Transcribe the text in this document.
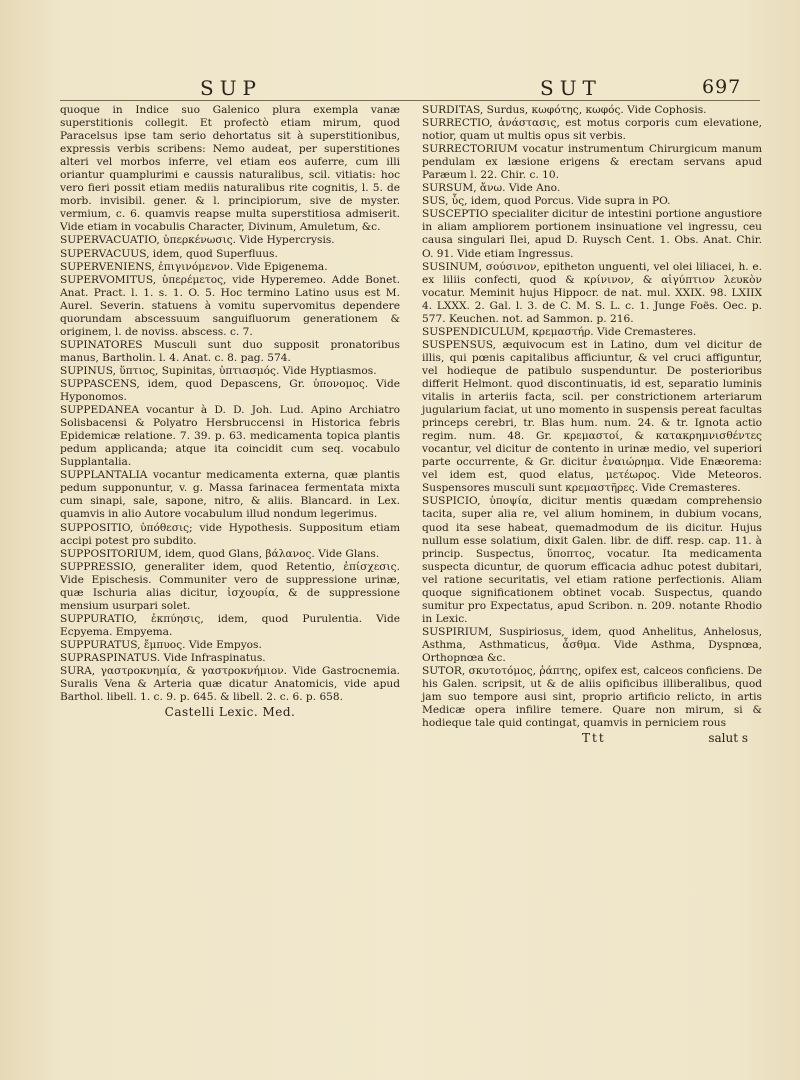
SUP	SUT	697

quoque in Indice suo Galenico plura exempla vanæ superstitionis collegit. Et profectò etiam mirum, quod Paracelsus ipse tam serio dehortatus sit à superstitionibus, expressis verbis scribens: Nemo audeat, per superstitiones alteri vel morbos inferre, vel etiam eos auferre, cum illi oriantur quamplurimi e caussis naturalibus, scil. vitiatis: hoc vero fieri possit etiam mediis naturalibus rite cognitis, l. 5. de morb. invisibil. gener. & l. principiorum, sive de myster. vermium, c. 6. quamvis reapse multa superstitiosa admiserit. Vide etiam in vocabulis Character, Divinum, Amuletum, &c.

SUPERVACUATIO, ὑπερκένωσις. Vide Hypercrysis.

SUPERVACUUS, idem, quod Superfluus.

SUPERVENIENS, ἐπιγινόμενον. Vide Epigenema.

SUPERVOMITUS, ὑπερέμετος, vide Hyperemeo. Adde Bonet. Anat. Pract. l. 1. s. 1. O. 5. Hoc termino Latino usus est M. Aurel. Severin. statuens à vomitu supervomitus dependere quorundam abscessuum sanguifluorum generationem & originem, l. de noviss. abscess. c. 7.

SUPINATORES Musculi sunt duo supposit pronatoribus manus, Bartholin. l. 4. Anat. c. 8. pag. 574.

SUPINUS, ὕπτιος, Supinitas, ὑπτιασμός. Vide Hyptiasmos.

SUPPASCENS, idem, quod Depascens, Gr. ὑπονομος. Vide Hyponomos.

SUPPEDANEA vocantur à D. D. Joh. Lud. Apino Archiatro Solisbacensi & Polyatro Hersbruccensi in Historica febris Epidemicæ relatione. 7. 39. p. 63. medicamenta topica plantis pedum applicanda; atque ita coincidit cum seq. vocabulo Supplantalia.

SUPPLANTALIA vocantur medicamenta externa, quæ plantis pedum supponuntur, v. g. Massa farinacea fermentata mixta cum sinapi, sale, sapone, nitro, & aliis. Blancard. in Lex. quamvis in alio Autore vocabulum illud nondum legerimus.

SUPPOSITIO, ὑπόθεσις; vide Hypothesis. Suppositum etiam accipi potest pro subdito.

SUPPOSITORIUM, idem, quod Glans, βάλανος. Vide Glans.

SUPPRESSIO, generaliter idem, quod Retentio, ἐπίσχεσις. Vide Epischesis. Communiter vero de suppressione urinæ, quæ Ischuria alias dicitur, ἰσχουρία, & de suppressione mensium usurpari solet.

SUPPURATIO, ἐκπύησις, idem, quod Purulentia. Vide Ecpyema. Empyema.

SUPPURATUS, ἔμπυος. Vide Empyos.

SUPRASPINATUS. Vide Infraspinatus.

SURA, γαστροκνημία, & γαστροκνήμιον. Vide Gastrocnemia. Suralis Vena & Arteria quæ dicatur Anatomicis, vide apud Barthol. libell. 1. c. 9. p. 645. & libell. 2. c. 6. p. 658.

Castelli Lexic. Med.

SURDITAS, Surdus, κωφότης, κωφός. Vide Cophosis.

SURRECTIO, ἀνάστασις, est motus corporis cum elevatione, notior, quam ut multis opus sit verbis.

SURRECTORIUM vocatur instrumentum Chirurgicum manum pendulam ex læsione erigens & erectam servans apud Paræum l. 22. Chir. c. 10.

SURSUM, ἄνω. Vide Ano.

SUS, ὗς, idem, quod Porcus. Vide supra in PO.

SUSCEPTIO specialiter dicitur de intestini portione angustiore in aliam ampliorem portionem insinuatione vel ingressu, ceu causa singulari Ilei, apud D. Ruysch Cent. 1. Obs. Anat. Chir. O. 91. Vide etiam Ingressus.

SUSINUM, σούσινον, epitheton unguenti, vel olei liliacei, h. e. ex liliis confecti, quod & κρίνινον, & αἰγύπτιον λευκὸν vocatur. Meminit hujus Hippocr. de nat. mul. XXIX. 98. LXIIX 4. LXXX. 2. Gal. l. 3. de C. M. S. L. c. 1. Junge Foës. Oec. p. 577. Keuchen. not. ad Sammon. p. 216.

SUSPENDICULUM, κρεμαστήρ. Vide Cremasteres.

SUSPENSUS, æquivocum est in Latino, dum vel dicitur de illis, qui pœnis capitalibus afficiuntur, & vel cruci affiguntur, vel hodieque de patibulo suspenduntur. De posterioribus differit Helmont. quod discontinuatis, id est, separatio luminis vitalis in arteriis facta, scil. per constrictionem arteriarum jugularium faciat, ut uno momento in suspensis pereat facultas princeps cerebri, tr. Blas hum. num. 24. & tr. Ignota actio regim. num. 48. Gr. κρεμαστοί, & κατακρημνισθέντες vocantur, vel dicitur de contento in urinæ medio, vel superiori parte occurrente, & Gr. dicitur ἐναιώρημα. Vide Enæorema: vel idem est, quod elatus, μετέωρος. Vide Meteoros. Suspensores musculi sunt κρεμαστῆρες. Vide Cremasteres.

SUSPICIO, ὑποψία, dicitur mentis quædam comprehensio tacita, super alia re, vel alium hominem, in dubium vocans, quod ita sese habeat, quemadmodum de iis dicitur. Hujus nullum esse solatium, dixit Galen. libr. de diff. resp. cap. 11. à princip. Suspectus, ὕποπτος, vocatur. Ita medicamenta suspecta dicuntur, de quorum efficacia adhuc potest dubitari, vel ratione securitatis, vel etiam ratione perfectionis. Aliam quoque significationem obtinet vocab. Suspectus, quando sumitur pro Expectatus, apud Scribon. n. 209. notante Rhodio in Lexic.

SUSPIRIUM, Suspiriosus, idem, quod Anhelitus, Anhelosus, Asthma, Asthmaticus, ἆσθμα. Vide Asthma, Dyspnœa, Orthopnœa &c.

SUTOR, σκυτοτόμος, ῥάπτης, opifex est, calceos conficiens. De his Galen. scripsit, ut & de aliis opificibus illiberalibus, quod jam suo tempore ausi sint, proprio artificio relicto, in artis Medicæ opera infilire temere. Quare non mirum, si & hodieque tale quid contingat, quamvis in perniciem rous

Ttt	salut s
